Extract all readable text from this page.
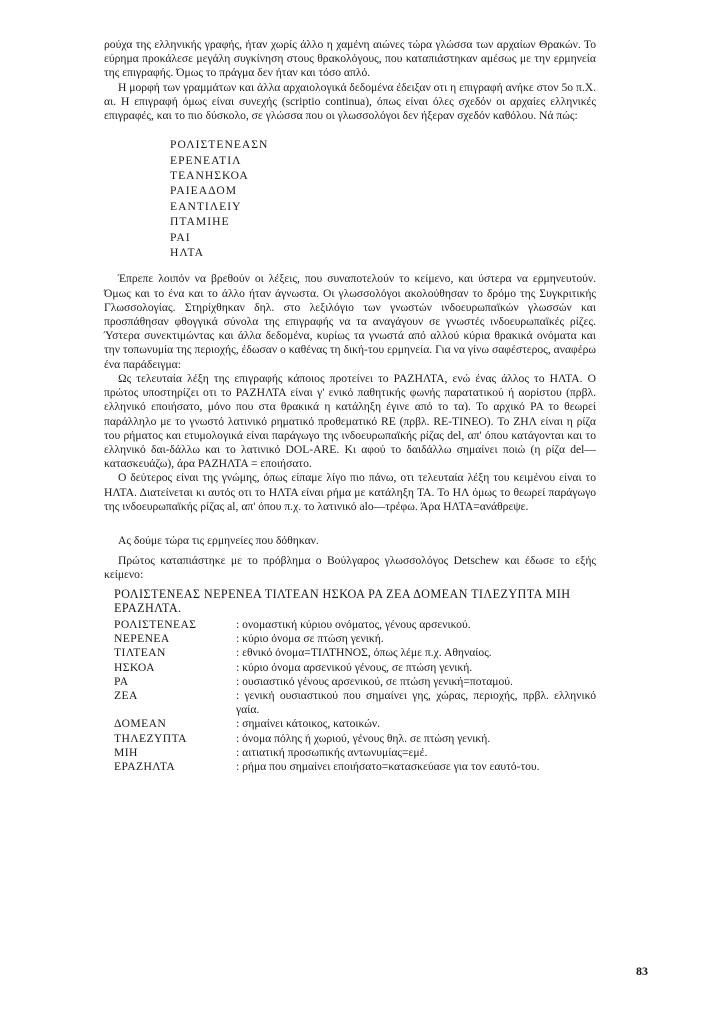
ρούχα της ελληνικής γραφής, ήταν χωρίς άλλο η χαμένη αιώνες τώρα γλώσσα των αρχαίων Θρακών. Το εύρημα προκάλεσε μεγάλη συγκίνηση στους θρακολόγους, που καταπιάστηκαν αμέσως με την ερμηνεία της επιγραφής. Όμως το πράγμα δεν ήταν και τόσο απλό.

Η μορφή των γραμμάτων και άλλα αρχαιολογικά δεδομένα έδειξαν οτι η επιγραφή ανήκε στον 5ο π.Χ. αι. Η επιγραφή όμως είναι συνεχής (scriptio continua), όπως είναι όλες σχεδόν οι αρχαίες ελληνικές επιγραφές, και το πιο δύσκολο, σε γλώσσα που οι γλωσσολόγοι δεν ήξεραν σχεδόν καθόλου. Νά πώς:

ΡΟΛΙΣΤΕΝΕΑΣΝ
ΕΡΕΝΕΑΤΙΛ
ΤΕΑΝΗΣΚΟΑ
ΡΑΙΕΑΔΟΜ
ΕΑΝΤΙΛΕΙΥ
ΠΤΑΜΙΗΕ
ΡΑΙ
ΗΛΤΑ

Έπρεπε λοιπόν να βρεθούν οι λέξεις, που συναποτελούν το κείμενο, και ύστερα να ερμηνευτούν. Όμως και το ένα και το άλλο ήταν άγνωστα. Οι γλωσσολόγοι ακολούθησαν το δρόμο της Συγκριτικής Γλωσσολογίας. Στηρίχθηκαν δηλ. στο λεξιλόγιο των γνωστών ινδοευρωπαϊκών γλωσσών και προσπάθησαν φθογγικά σύνολα της επιγραφής να τα αναγάγουν σε γνωστές ινδοευρωπαϊκές ρίζες. Ύστερα συνεκτιμώντας και άλλα δεδομένα, κυρίως τα γνωστά από αλλού κύρια θρακικά ονόματα και την τοπωνυμία της περιοχής, έδωσαν ο καθένας τη δική-του ερμηνεία. Για να γίνω σαφέστερος, αναφέρω ένα παράδειγμα:

Ως τελευταία λέξη της επιγραφής κάποιος προτείνει το ΡΑΖΗΛΤΑ, ενώ ένας άλλος το ΗΛΤΑ. Ο πρώτος υποστηρίζει οτι το ΡΑΖΗΛΤΑ είναι γ' ενικό παθητικής φωνής παρατατικού ή αορίστου (πρβλ. ελληνικό εποιήσατο, μόνο που στα θρακικά η κατάληξη έγινε από το τα). Το αρχικό ΡΑ το θεωρεί παράλληλο με το γνωστό λατινικό ρηματικό προθεματικό RE (πρβλ. RE-TINEO). Το ΖΗΛ είναι η ρίζα του ρήματος και ετυμολογικά είναι παράγωγο της ινδοευρωπαϊκής ρίζας del, απ' όπου κατάγονται και το ελληνικό δαι-δάλλω και το λατινικό DOL-ARE. Κι αφού το δαιδάλλω σημαίνει ποιώ (η ρίζα del—κατασκευάζω), άρα ΡΑΖΗΛΤΑ = εποιήσατο.

Ο δεύτερος είναι της γνώμης, όπως είπαμε λίγο πιο πάνω, οτι τελευταία λέξη του κειμένου είναι το ΗΛΤΑ. Διατείνεται κι αυτός οτι το ΗΛΤΑ είναι ρήμα με κατάληξη ΤΑ. Το ΗΛ όμως το θεωρεί παράγωγο της ινδοευρωπαϊκής ρίζας al, απ' όπου π.χ. το λατινικό alo—τρέφω. Άρα ΗΛΤΑ=ανάθρεψε.

Ας δούμε τώρα τις ερμηνείες που δόθηκαν.

Πρώτος καταπιάστηκε με το πρόβλημα ο Βούλγαρος γλωσσολόγος Detschew και έδωσε το εξής κείμενο:

ΡΟΛΙΣΤΕΝΕΑΣ ΝΕΡΕΝΕΑ ΤΙΛΤΕΑΝ ΗΣΚΟΑ ΡΑ ΖΕΑ ΔΟΜΕΑΝ ΤΙΛΕΖΥΠΤΑ ΜΙΗ ΕΡΑΖΗΛΤΑ.
ΡΟΛΙΣΤΕΝΕΑΣ	: ονομαστική κύριου ονόματος, γένους αρσενικού.
ΝΕΡΕΝΕΑ	: κύριο όνομα σε πτώση γενική.
ΤΙΛΤΕΑΝ	: εθνικό όνομα=ΤΙΛΤΗΝΟΣ, όπως λέμε π.χ. Αθηναίος.
ΗΣΚΟΑ	: κύριο όνομα αρσενικού γένους, σε πτώση γενική.
ΡΑ	: ουσιαστικό γένους αρσενικού, σε πτώση γενική=ποταμού.
ΖΕΑ	: γενική ουσιαστικού που σημαίνει γης, χώρας, περιοχής, πρβλ. ελληνικό γαία.
ΔΟΜΕΑΝ	: σημαίνει κάτοικος, κατοικών.
ΤΗΛΕΖΥΠΤΑ	: όνομα πόλης ή χωριού, γένους θηλ. σε πτώση γενική.
ΜΙΗ	: αιτιατική προσωπικής αντωνυμίας=εμέ.
ΕΡΑΖΗΛΤΑ	: ρήμα που σημαίνει εποιήσατο=κατασκεύασε για τον εαυτό-του.
83
